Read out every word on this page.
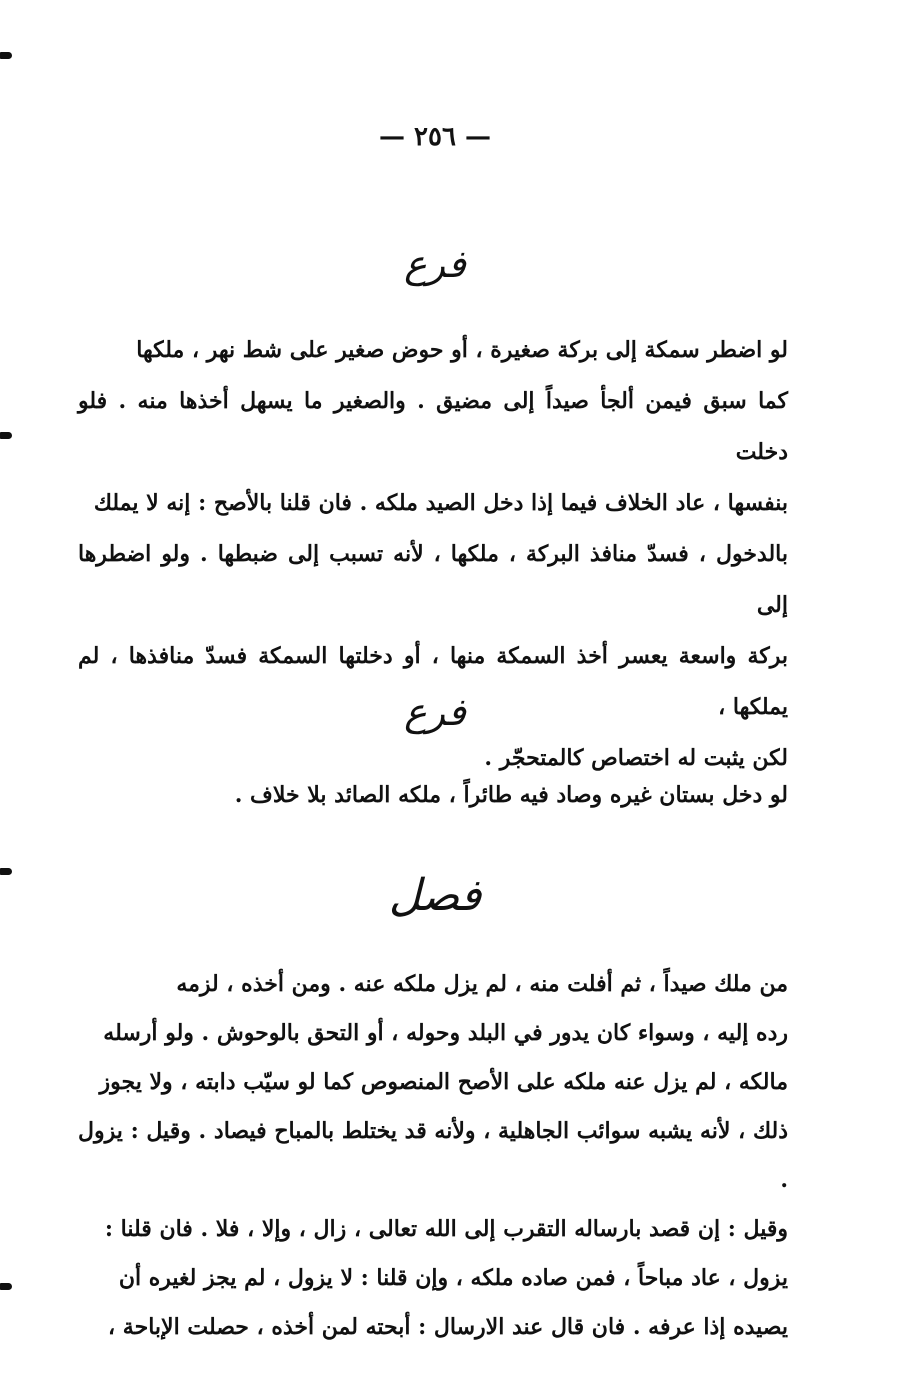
— ٢٥٦ —
فرع
لو اضطر سمكة إلى بركة صغيرة ، أو حوض صغير على شط نهر ، ملكها
كما سبق فيمن ألجأ صيداً إلى مضيق . والصغير ما يسهل أخذها منه . فلو دخلت
بنفسها ، عاد الخلاف فيما إذا دخل الصيد ملكه . فان قلنا بالأصح : إنه لا يملك
بالدخول ، فسدّ منافذ البركة ، ملكها ، لأنه تسبب إلى ضبطها . ولو اضطرها إلى
بركة واسعة يعسر أخذ السمكة منها ، أو دخلتها السمكة فسدّ منافذها ، لم يملكها ،
لكن يثبت له اختصاص كالمتحجّر .
فرع
لو دخل بستان غيره وصاد فيه طائراً ، ملكه الصائد بلا خلاف .
فصل
من ملك صيداً ، ثم أفلت منه ، لم يزل ملكه عنه . ومن أخذه ، لزمه
رده إليه ، وسواء كان يدور في البلد وحوله ، أو التحق بالوحوش . ولو أرسله
مالكه ، لم يزل عنه ملكه على الأصح المنصوص كما لو سيّب دابته ، ولا يجوز
ذلك ، لأنه يشبه سوائب الجاهلية ، ولأنه قد يختلط بالمباح فيصاد . وقيل : يزول .
وقيل : إن قصد بارساله التقرب إلى الله تعالى ، زال ، وإلا ، فلا . فان قلنا :
يزول ، عاد مباحاً ، فمن صاده ملكه ، وإن قلنا : لا يزول ، لم يجز لغيره أن
يصيده إذا عرفه . فان قال عند الارسال : أبحته لمن أخذه ، حصلت الإباحة ،
